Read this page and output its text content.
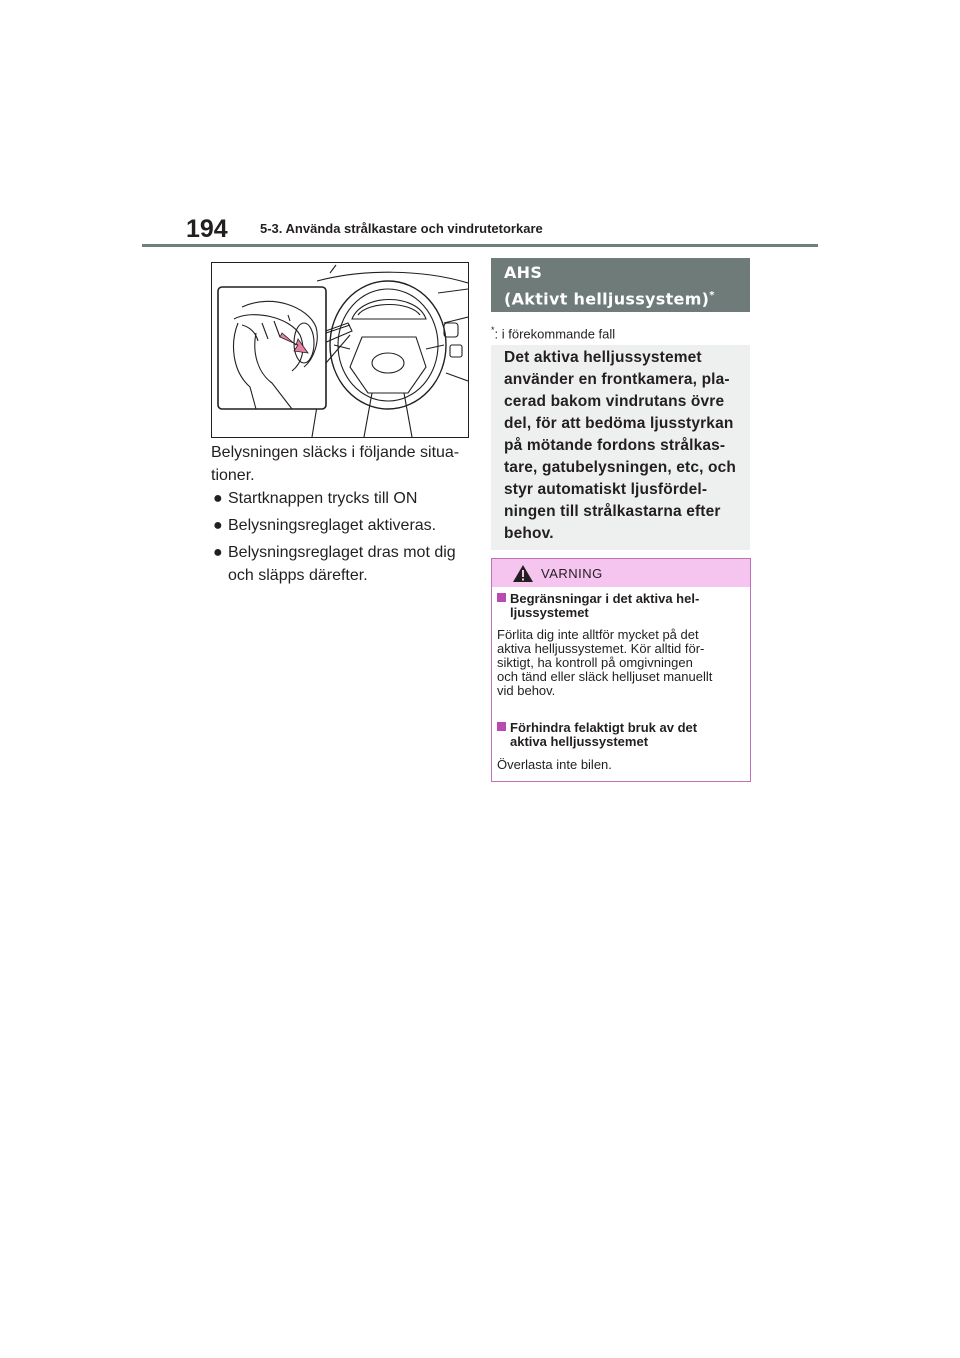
194 5-3. Använda strålkastare och vindrutetorkare
Belysningen släcks i följande situa-
tioner.
● Startknappen trycks till ON
● Belysningsreglaget aktiveras.
● Belysningsreglaget dras mot dig
och släpps därefter.
AHS
(Aktivt helljussystem)*
*: i förekommande fall
Det aktiva helljussystemet
använder en frontkamera, pla-
cerad bakom vindrutans övre
del, för att bedöma ljusstyrkan
på mötande fordons strålkas-
tare, gatubelysningen, etc, och
styr automatiskt ljusfördel-
ningen till strålkastarna efter
behov.
VARNING
Begränsningar i det aktiva hel-
ljussystemet
Förlita dig inte alltför mycket på det
aktiva helljussystemet. Kör alltid för-
siktigt, ha kontroll på omgivningen
och tänd eller släck helljuset manuellt
vid behov.
Förhindra felaktigt bruk av det
aktiva helljussystemet
Överlasta inte bilen.
